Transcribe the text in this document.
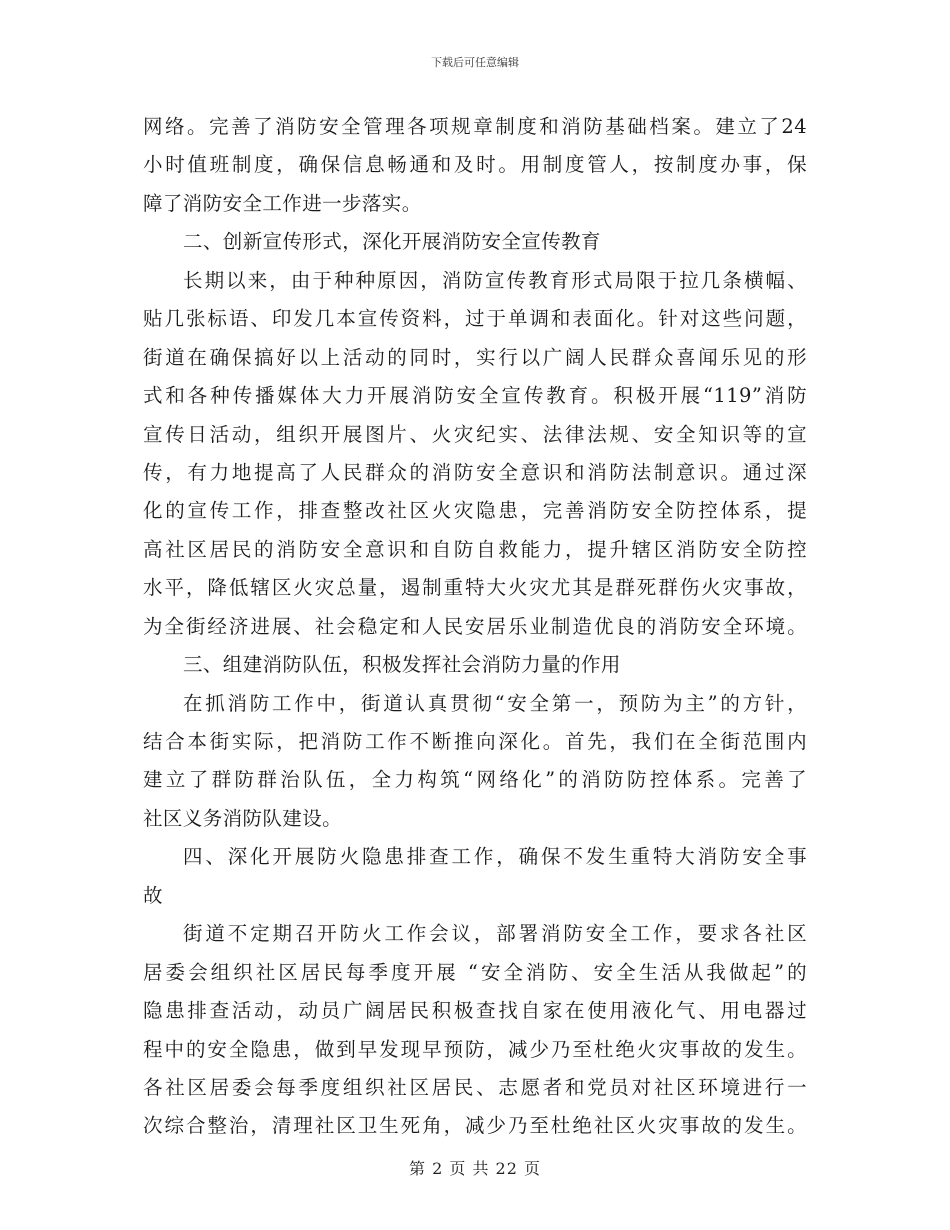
下载后可任意编辑
网络。完善了消防安全管理各项规章制度和消防基础档案。建立了24
小时值班制度，确保信息畅通和及时。用制度管人，按制度办事，保
障了消防安全工作进一步落实。
二、创新宣传形式，深化开展消防安全宣传教育
长期以来，由于种种原因，消防宣传教育形式局限于拉几条横幅、
贴几张标语、印发几本宣传资料，过于单调和表面化。针对这些问题，
街道在确保搞好以上活动的同时，实行以广阔人民群众喜闻乐见的形
式和各种传播媒体大力开展消防安全宣传教育。积极开展“119”消防
宣传日活动，组织开展图片、火灾纪实、法律法规、安全知识等的宣
传，有力地提高了人民群众的消防安全意识和消防法制意识。通过深
化的宣传工作，排查整改社区火灾隐患，完善消防安全防控体系，提
高社区居民的消防安全意识和自防自救能力，提升辖区消防安全防控
水平，降低辖区火灾总量，遏制重特大火灾尤其是群死群伤火灾事故，
为全街经济进展、社会稳定和人民安居乐业制造优良的消防安全环境。
三、组建消防队伍，积极发挥社会消防力量的作用
在抓消防工作中，街道认真贯彻“安全第一，预防为主”的方针，
结合本街实际，把消防工作不断推向深化。首先，我们在全街范围内
建立了群防群治队伍，全力构筑“网络化”的消防防控体系。完善了
社区义务消防队建设。
四、深化开展防火隐患排查工作，确保不发生重特大消防安全事
故
街道不定期召开防火工作会议，部署消防安全工作，要求各社区
居委会组织社区居民每季度开展 “安全消防、安全生活从我做起”的
隐患排查活动，动员广阔居民积极查找自家在使用液化气、用电器过
程中的安全隐患，做到早发现早预防，减少乃至杜绝火灾事故的发生。
各社区居委会每季度组织社区居民、志愿者和党员对社区环境进行一
次综合整治，清理社区卫生死角，减少乃至杜绝社区火灾事故的发生。
第 2 页 共 22 页
